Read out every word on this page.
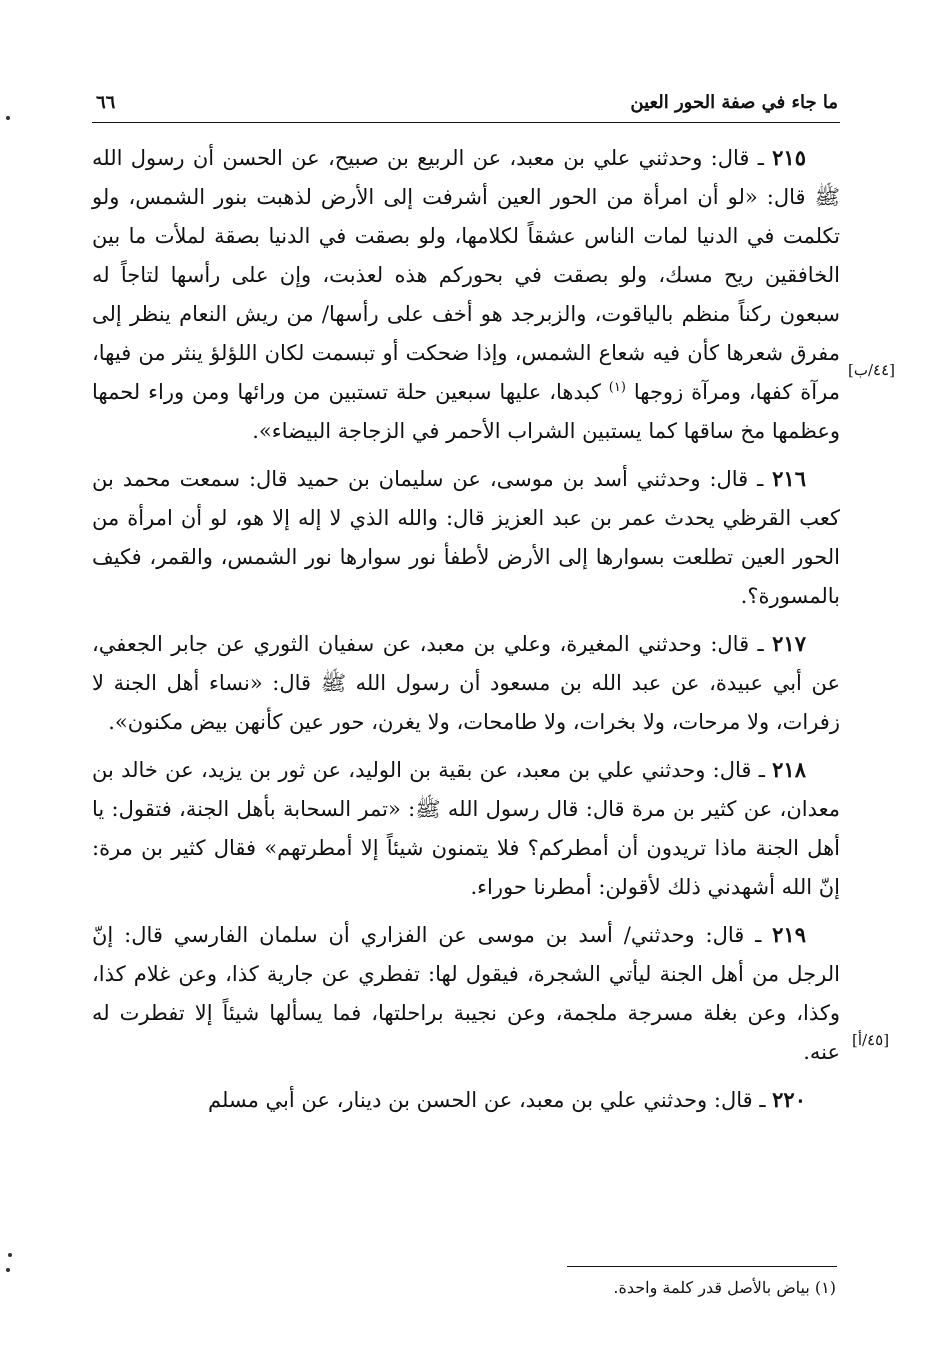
ما جاء في صفة الحور العين
٦٦

٢١٥ ـ قال: وحدثني علي بن معبد، عن الربيع بن صبيح، عن الحسن أن رسول الله ﷺ قال: «لو أن امرأة من الحور العين أشرفت إلى الأرض لذهبت بنور الشمس، ولو تكلمت في الدنيا لمات الناس عشقاً لكلامها، ولو بصقت في الدنيا بصقة لملأت ما بين الخافقين ريح مسك، ولو بصقت في بحوركم هذه لعذبت، وإن على رأسها لتاجاً له سبعون ركناً منظم بالياقوت، والزبرجد هو أخف على رأسها/ من ريش النعام ينظر إلى مفرق شعرها كأن فيه شعاع الشمس، وإذا ضحكت أو تبسمت لكان اللؤلؤ ينثر من فيها، مرآة كفها، ومرآة زوجها $^{(١)}$ كبدها، عليها سبعين حلة تستبين من ورائها ومن وراء لحمها وعظمها مخ ساقها كما يستبين الشراب الأحمر في الزجاجة البيضاء».

٢١٦ ـ قال: وحدثني أسد بن موسى، عن سليمان بن حميد قال: سمعت محمد بن كعب القرظي يحدث عمر بن عبد العزيز قال: والله الذي لا إله إلا هو، لو أن امرأة من الحور العين تطلعت بسوارها إلى الأرض لأطفأ نور سوارها نور الشمس، والقمر، فكيف بالمسورة؟.

٢١٧ ـ قال: وحدثني المغيرة، وعلي بن معبد، عن سفيان الثوري عن جابر الجعفي، عن أبي عبيدة، عن عبد الله بن مسعود أن رسول الله ﷺ قال: «نساء أهل الجنة لا زفرات، ولا مرحات، ولا بخرات، ولا طامحات، ولا يغرن، حور عين كأنهن بيض مكنون».

٢١٨ ـ قال: وحدثني علي بن معبد، عن بقية بن الوليد، عن ثور بن يزيد، عن خالد بن معدان، عن كثير بن مرة قال: قال رسول الله ﷺ: «تمر السحابة بأهل الجنة، فتقول: يا أهل الجنة ماذا تريدون أن أمطركم؟ فلا يتمنون شيئاً إلا أمطرتهم» فقال كثير بن مرة: إنّ الله أشهدني ذلك لأقولن: أمطرنا حوراء.

٢١٩ ـ قال: وحدثني/ أسد بن موسى عن الفزاري أن سلمان الفارسي قال: إنّ الرجل من أهل الجنة ليأتي الشجرة، فيقول لها: تفطري عن جارية كذا، وعن غلام كذا، وكذا، وعن بغلة مسرجة ملجمة، وعن نجيبة براحلتها، فما يسألها شيئاً إلا تفطرت له عنه.

٢٢٠ ـ قال: وحدثني علي بن معبد، عن الحسن بن دينار، عن أبي مسلم

[٤٤/ب]
[٤٥/أ]
(١) بياض بالأصل قدر كلمة واحدة.
